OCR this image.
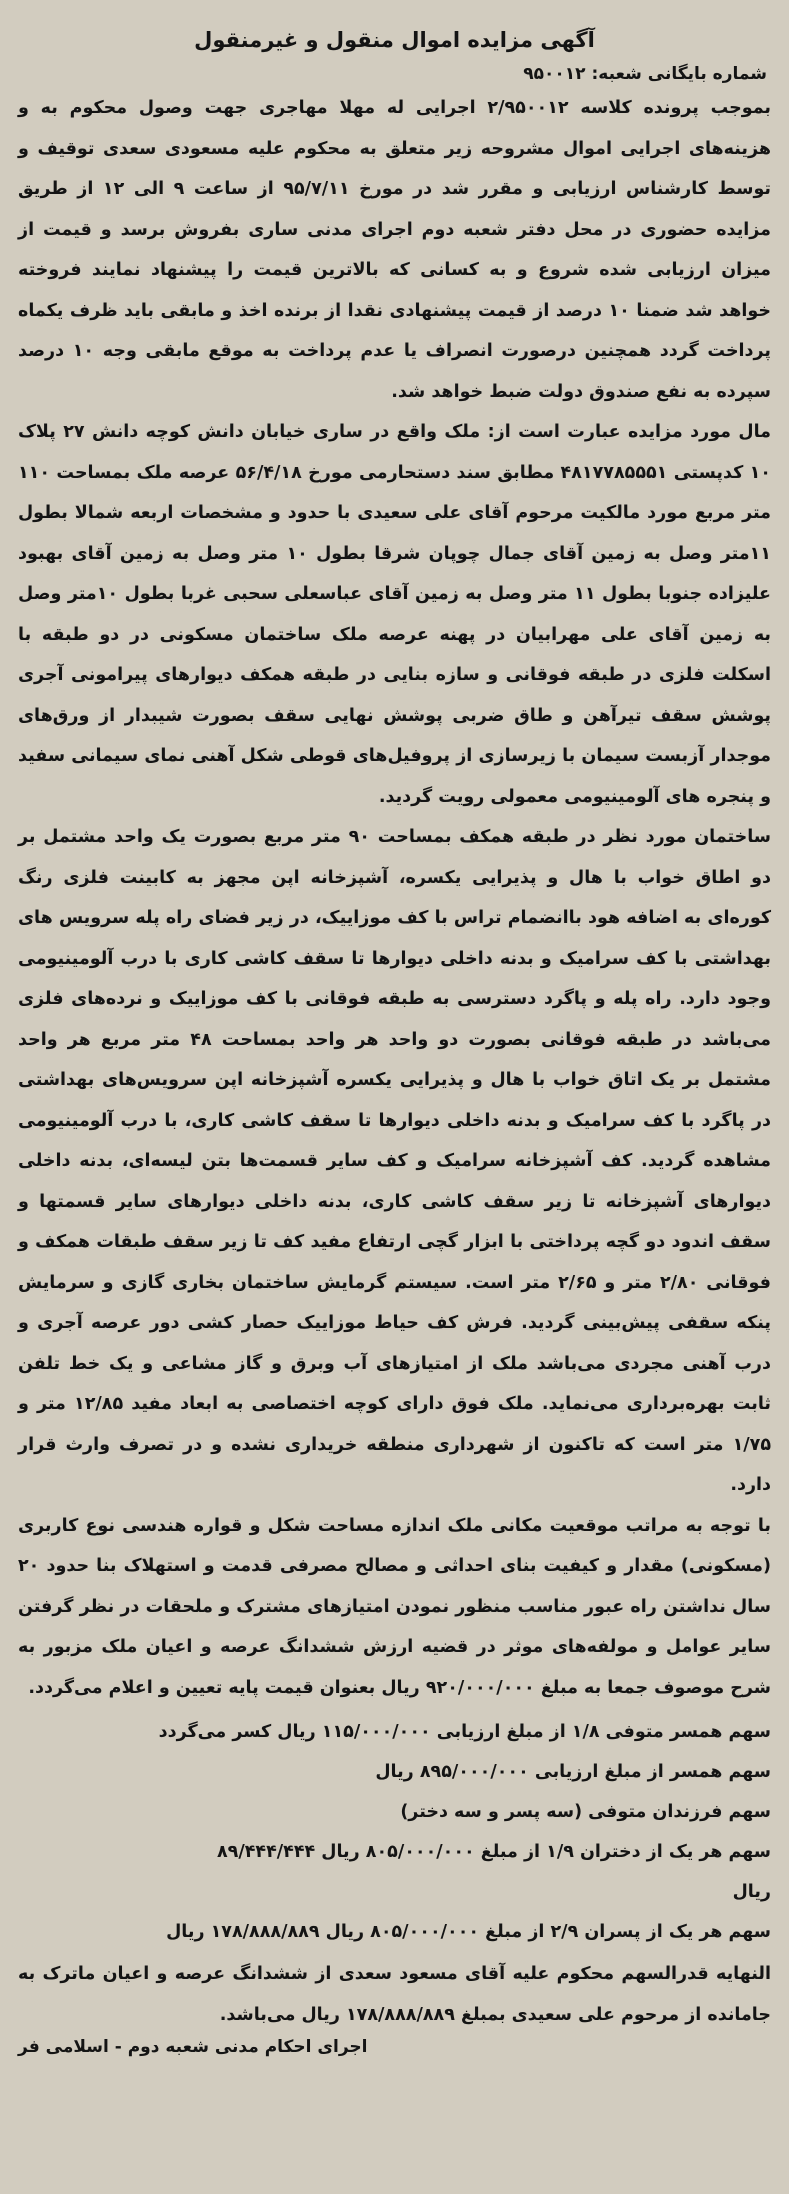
آگهی مزایده اموال منقول و غیرمنقول
شماره بایگانی شعبه: ۹۵۰۰۱۲

بموجب پرونده کلاسه ۲/۹۵۰۰۱۲ اجرایی له مهلا مهاجری جهت وصول محکوم به و هزینه‌های اجرایی اموال مشروحه زیر متعلق به محکوم علیه مسعودی سعدی توقیف و توسط کارشناس ارزیابی و مقرر شد در مورخ ۹۵/۷/۱۱ از ساعت ۹ الی ۱۲ از طریق مزایده حضوری در محل دفتر شعبه دوم اجرای مدنی ساری بفروش برسد و قیمت از میزان ارزیابی شده شروع و به کسانی که بالاترین قیمت را پیشنهاد نمایند فروخته خواهد شد ضمنا ۱۰ درصد از قیمت پیشنهادی نقدا از برنده اخذ و مابقی باید ظرف یکماه پرداخت گردد همچنین درصورت انصراف یا عدم پرداخت به موقع مابقی وجه ۱۰ درصد سپرده به نفع صندوق دولت ضبط خواهد شد.

مال مورد مزایده عبارت است از: ملک واقع در ساری خیابان دانش کوچه دانش ۲۷ پلاک ۱۰ کدپستی ۴۸۱۷۷۸۵۵۵۱ مطابق سند دستحارمی مورخ ۵۶/۴/۱۸ عرصه ملک بمساحت ۱۱۰ متر مربع مورد مالکیت مرحوم آقای علی سعیدی با حدود و مشخصات اربعه شمالا بطول ۱۱متر وصل به زمین آقای جمال چوپان شرقا بطول ۱۰ متر وصل به زمین آقای بهبود علیزاده جنوبا بطول ۱۱ متر وصل به زمین آقای عباسعلی سحبی غربا بطول ۱۰متر وصل به زمین آقای علی مهرابیان در پهنه عرصه ملک ساختمان مسکونی در دو طبقه با اسکلت فلزی در طبقه فوقانی و سازه بنایی در طبقه همکف دیوارهای پیرامونی آجری پوشش سقف تیرآهن و طاق ضربی پوشش نهایی سقف بصورت شیبدار از ورق‌های موجدار آزبست سیمان با زیرسازی از پروفیل‌های قوطی شکل آهنی نمای سیمانی سفید و پنجره های آلومینیومی معمولی رویت گردید.

ساختمان مورد نظر در طبقه همکف بمساحت ۹۰ متر مربع بصورت یک واحد مشتمل بر دو اطاق خواب با هال و پذیرایی یکسره، آشپزخانه اپن مجهز به کابینت فلزی رنگ کوره‌ای به اضافه هود باانضمام تراس با کف موزاییک، در زیر فضای راه پله سرویس های بهداشتی با کف سرامیک و بدنه داخلی دیوارها تا سقف کاشی کاری با درب آلومینیومی وجود دارد. راه پله و پاگرد دسترسی به طبقه فوقانی با کف موزاییک و نرده‌های فلزی می‌باشد در طبقه فوقانی بصورت دو واحد هر واحد بمساحت ۴۸ متر مربع هر واحد مشتمل بر یک اتاق خواب با هال و پذیرایی یکسره آشپزخانه اپن سرویس‌های بهداشتی در پاگرد با کف سرامیک و بدنه داخلی دیوارها تا سقف کاشی کاری، با درب آلومینیومی مشاهده گردید. کف آشپزخانه سرامیک و کف سایر قسمت‌ها بتن لیسه‌ای، بدنه داخلی دیوارهای آشپزخانه تا زیر سقف کاشی کاری، بدنه داخلی دیوارهای سایر قسمتها و سقف اندود دو گچه پرداختی با ابزار گچی ارتفاع مفید کف تا زیر سقف طبقات همکف و فوقانی ۲/۸۰ متر و ۲/۶۵ متر است. سیستم گرمایش ساختمان بخاری گازی و سرمایش پنکه سقفی پیش‌بینی گردید. فرش کف حیاط موزاییک حصار کشی دور عرصه آجری و درب آهنی مجردی می‌باشد ملک از امتیازهای آب وبرق و گاز مشاعی و یک خط تلفن ثابت بهره‌برداری می‌نماید. ملک فوق دارای کوچه اختصاصی به ابعاد مفید ۱۲/۸۵ متر و ۱/۷۵ متر است که تاکنون از شهرداری منطقه خریداری نشده و در تصرف وارث قرار دارد.

با توجه به مراتب موقعیت مکانی ملک اندازه مساحت شکل و قواره هندسی نوع کاربری (مسکونی) مقدار و کیفیت بنای احداثی و مصالح مصرفی قدمت و استهلاک بنا حدود ۲۰ سال نداشتن راه عبور مناسب منظور نمودن امتیازهای مشترک و ملحقات در نظر گرفتن سایر عوامل و مولفه‌های موثر در قضیه ارزش ششدانگ عرصه و اعیان ملک مزبور به شرح موصوف جمعا به مبلغ ۹۲۰/۰۰۰/۰۰۰ ریال بعنوان قیمت پایه تعیین و اعلام می‌گردد.

سهم همسر متوفی ۱/۸ از مبلغ ارزیابی ۱۱۵/۰۰۰/۰۰۰ ریال کسر می‌گردد

سهم همسر از مبلغ ارزیابی ۸۹۵/۰۰۰/۰۰۰ ریال

سهم فرزندان متوفی (سه پسر و سه دختر)

سهم هر یک از دختران ۱/۹ از مبلغ ۸۰۵/۰۰۰/۰۰۰ ریال ۸۹/۴۴۴/۴۴۴

ریال

سهم هر یک از پسران ۲/۹ از مبلغ ۸۰۵/۰۰۰/۰۰۰ ریال ۱۷۸/۸۸۸/۸۸۹ ریال

النهایه قدرالسهم محکوم علیه آقای مسعود سعدی از ششدانگ عرصه و اعیان ماترک به جامانده از مرحوم علی سعیدی بمبلغ ۱۷۸/۸۸۸/۸۸۹ ریال می‌باشد.

اجرای احکام مدنی شعبه دوم - اسلامی فر
